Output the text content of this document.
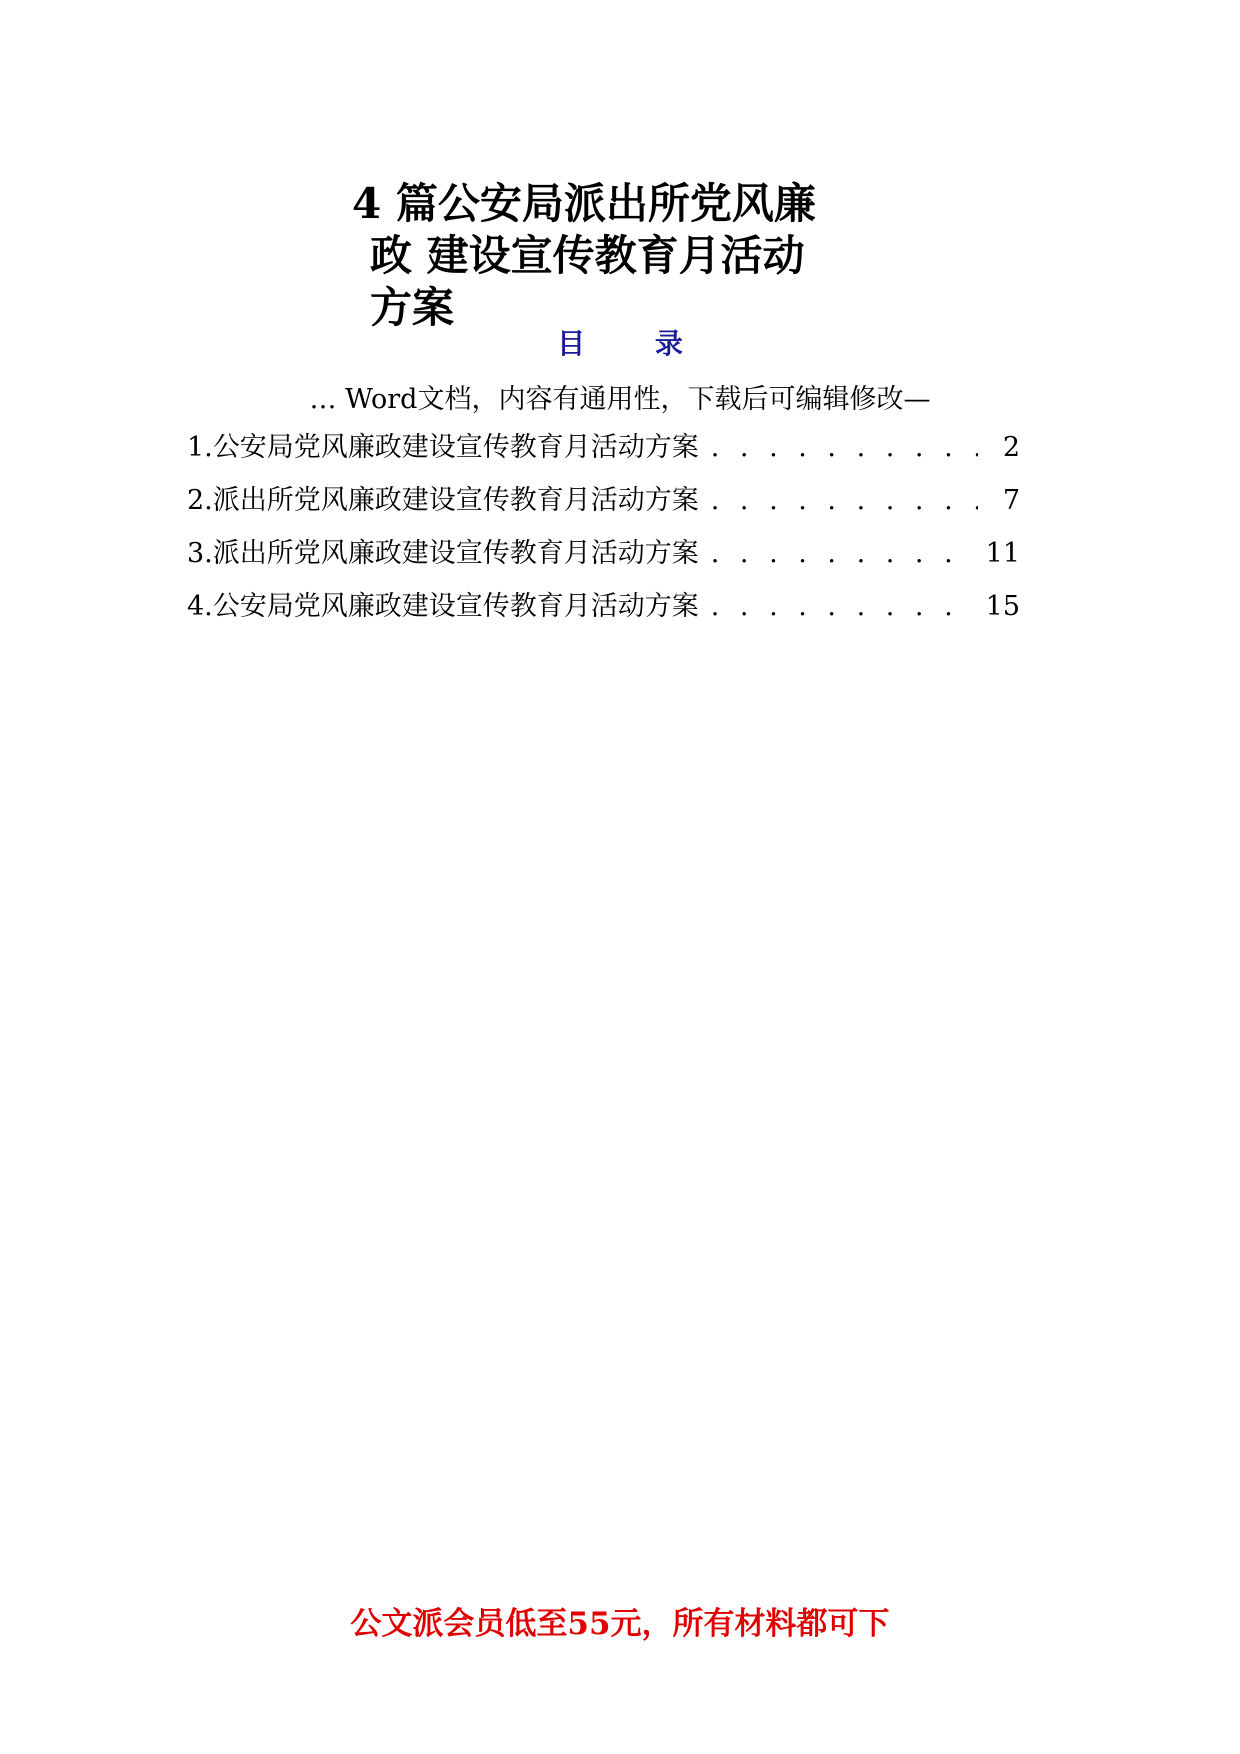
4 篇公安局派出所党风廉
政 建设宣传教育月活动
方案
目 录
… Word文档，内容有通用性，下载后可编辑修改—
1.公安局党风廉政建设宣传教育月活动方案 . . .	2
2.派出所党风廉政建设宣传教育月活动方案 . . .	7
3.派出所党风廉政建设宣传教育月活动方案 . . .	11
4.公安局党风廉政建设宣传教育月活动方案 . . .	15
公文派会员低至55元，所有材料都可下
